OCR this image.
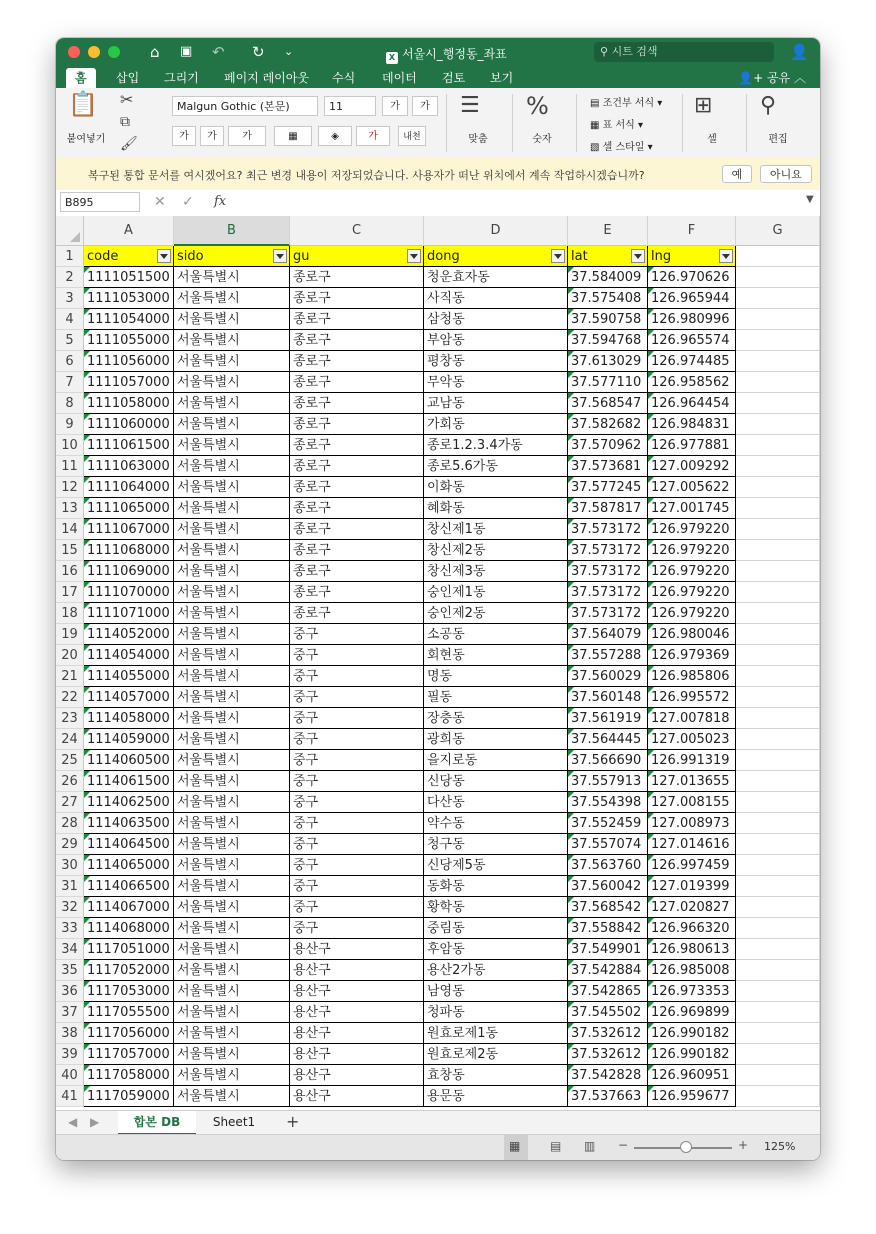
⌂ ▣ ↶ ↻ ⌄	X 서울시_행정동_좌표	⚲ 시트 검색	👤
홈	삽입 그리기 페이지 레이아웃 수식 데이터 검토 보기	👤+ 공유 ︿
📋
붙여넣기
✂
⧉
🖌
Malgun Gothic (본문)	11	가	가
가	가	가	▦	◈	가	내천
☰
맞춤
%
숫자
▤ 조건부 서식 ▾
▦ 표 서식 ▾
▧ 셀 스타일 ▾
⊞
셀
⚲
편집
복구된 통합 문서를 여시겠어요? 최근 변경 내용이 저장되었습니다. 사용자가 떠난 위치에서 계속 작업하시겠습니까?	예	아니요
B895	✕ ✓ fx	▼
A	B	C	D	E	F	G
1	code	sido	gu	dong	lat	lng
2	1111051500 서울특별시	종로구	청운효자동	37.584009 126.970626
3	1111053000 서울특별시	종로구	사직동	37.575408 126.965944
4	1111054000 서울특별시	종로구	삼청동	37.590758 126.980996
5	1111055000 서울특별시	종로구	부암동	37.594768 126.965574
6	1111056000 서울특별시	종로구	평창동	37.613029 126.974485
7	1111057000 서울특별시	종로구	무악동	37.577110 126.958562
8	1111058000 서울특별시	종로구	교남동	37.568547 126.964454
9	1111060000 서울특별시	종로구	가회동	37.582682 126.984831
10 1111061500 서울특별시	종로구	종로1.2.3.4가동	37.570962 126.977881
11 1111063000 서울특별시	종로구	종로5.6가동	37.573681 127.009292
12 1111064000 서울특별시	종로구	이화동	37.577245 127.005622
13 1111065000 서울특별시	종로구	혜화동	37.587817 127.001745
14 1111067000 서울특별시	종로구	창신제1동	37.573172 126.979220
15 1111068000 서울특별시	종로구	창신제2동	37.573172 126.979220
16 1111069000 서울특별시	종로구	창신제3동	37.573172 126.979220
17 1111070000 서울특별시	종로구	숭인제1동	37.573172 126.979220
18 1111071000 서울특별시	종로구	숭인제2동	37.573172 126.979220
19 1114052000 서울특별시	중구	소공동	37.564079 126.980046
20 1114054000 서울특별시	중구	회현동	37.557288 126.979369
21 1114055000 서울특별시	중구	명동	37.560029 126.985806
22 1114057000 서울특별시	중구	필동	37.560148 126.995572
23 1114058000 서울특별시	중구	장충동	37.561919 127.007818
24 1114059000 서울특별시	중구	광희동	37.564445 127.005023
25 1114060500 서울특별시	중구	을지로동	37.566690 126.991319
26 1114061500 서울특별시	중구	신당동	37.557913 127.013655
27 1114062500 서울특별시	중구	다산동	37.554398 127.008155
28 1114063500 서울특별시	중구	약수동	37.552459 127.008973
29 1114064500 서울특별시	중구	청구동	37.557074 127.014616
30 1114065000 서울특별시	중구	신당제5동	37.563760 126.997459
31 1114066500 서울특별시	중구	동화동	37.560042 127.019399
32 1114067000 서울특별시	중구	황학동	37.568542 127.020827
33 1114068000 서울특별시	중구	중림동	37.558842 126.966320
34 1117051000 서울특별시	용산구	후암동	37.549901 126.980613
35 1117052000 서울특별시	용산구	용산2가동	37.542884 126.985008
36 1117053000 서울특별시	용산구	남영동	37.542865 126.973353
37 1117055500 서울특별시	용산구	청파동	37.545502 126.969899
38 1117056000 서울특별시	용산구	원효로제1동	37.532612 126.990182
39 1117057000 서울특별시	용산구	원효로제2동	37.532612 126.990182
40 1117058000 서울특별시	용산구	효창동	37.542828 126.960951
41 1117059000 서울특별시	용산구	용문동	37.537663 126.959677
◀ ▶	합본 DB	Sheet1	+
▦ ▤ ▥ −	+ 125%
